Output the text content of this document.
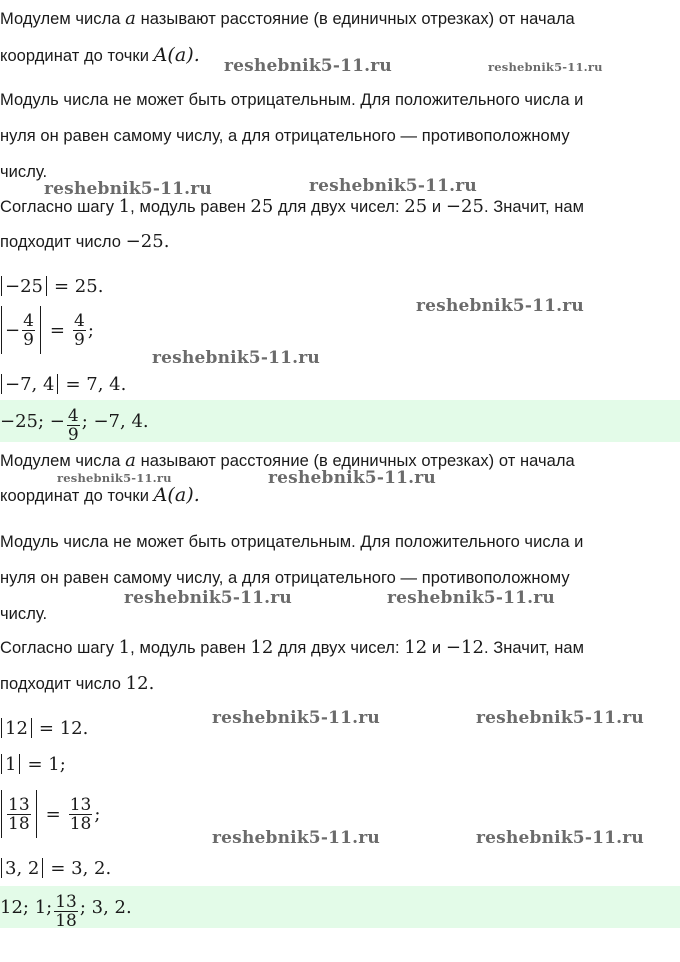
Модулем числа a называют расстояние (в единичных отрезках) от начала
координат до точки A(a).
Модуль числа не может быть отрицательным. Для положительного числа и
нуля он равен самому числу, а для отрицательного — противоположному
числу.
Согласно шагу 1, модуль равен 25 для двух чисел: 25 и −25. Значит, нам
подходит число −25.
−25 = 25.
− $\frac{4}{9} = \frac{4}{9}$ ;
−7, 4 = 7, 4.
−25; − $\frac{4}{9}$ ; −7, 4.
Модулем числа a называют расстояние (в единичных отрезках) от начала
координат до точки A(a).
Модуль числа не может быть отрицательным. Для положительного числа и
нуля он равен самому числу, а для отрицательного — противоположному
числу.
Согласно шагу 1, модуль равен 12 для двух чисел: 12 и −12. Значит, нам
подходит число 12.
12 = 12.
1 = 1;
$\frac{13}{18} = \frac{13}{18}$ ;
3, 2 = 3, 2.
12; 1; $\frac{13}{18}$ ; 3, 2.
reshebnik5-11.ru	reshebnik5-11.ru
reshebnik5-11.ru	reshebnik5-11.ru
reshebnik5-11.ru
reshebnik5-11.ru
reshebnik5-11.ru	reshebnik5-11.ru
reshebnik5-11.ru	reshebnik5-11.ru
reshebnik5-11.ru	reshebnik5-11.ru
reshebnik5-11.ru	reshebnik5-11.ru
